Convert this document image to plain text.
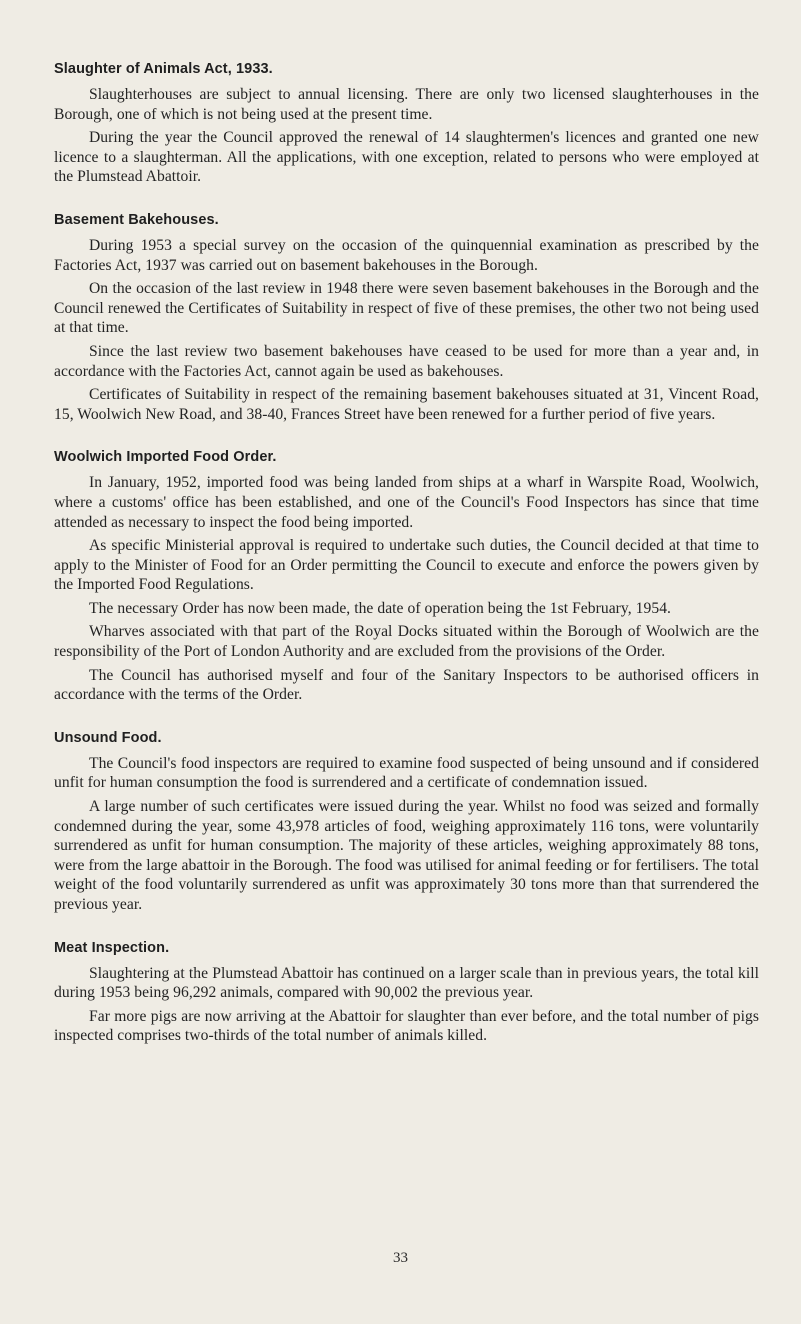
Slaughter of Animals Act, 1933.

Slaughterhouses are subject to annual licensing. There are only two licensed slaughterhouses in the Borough, one of which is not being used at the present time.

During the year the Council approved the renewal of 14 slaughtermen's licences and granted one new licence to a slaughterman. All the applications, with one exception, related to persons who were employed at the Plumstead Abattoir.

Basement Bakehouses.

During 1953 a special survey on the occasion of the quinquennial examination as prescribed by the Factories Act, 1937 was carried out on basement bakehouses in the Borough.

On the occasion of the last review in 1948 there were seven basement bakehouses in the Borough and the Council renewed the Certificates of Suitability in respect of five of these premises, the other two not being used at that time.

Since the last review two basement bakehouses have ceased to be used for more than a year and, in accordance with the Factories Act, cannot again be used as bakehouses.

Certificates of Suitability in respect of the remaining basement bakehouses situated at 31, Vincent Road, 15, Woolwich New Road, and 38-40, Frances Street have been renewed for a further period of five years.

Woolwich Imported Food Order.

In January, 1952, imported food was being landed from ships at a wharf in Warspite Road, Woolwich, where a customs' office has been established, and one of the Council's Food Inspectors has since that time attended as necessary to inspect the food being imported.

As specific Ministerial approval is required to undertake such duties, the Council decided at that time to apply to the Minister of Food for an Order permitting the Council to execute and enforce the powers given by the Imported Food Regulations.

The necessary Order has now been made, the date of operation being the 1st February, 1954.

Wharves associated with that part of the Royal Docks situated within the Borough of Woolwich are the responsibility of the Port of London Authority and are excluded from the provisions of the Order.

The Council has authorised myself and four of the Sanitary Inspectors to be authorised officers in accordance with the terms of the Order.

Unsound Food.

The Council's food inspectors are required to examine food suspected of being unsound and if considered unfit for human consumption the food is surrendered and a certificate of condemnation issued.

A large number of such certificates were issued during the year. Whilst no food was seized and formally condemned during the year, some 43,978 articles of food, weighing approximately 116 tons, were voluntarily surrendered as unfit for human consumption. The majority of these articles, weighing approximately 88 tons, were from the large abattoir in the Borough. The food was utilised for animal feeding or for fertilisers. The total weight of the food voluntarily surrendered as unfit was approximately 30 tons more than that surrendered the previous year.

Meat Inspection.

Slaughtering at the Plumstead Abattoir has continued on a larger scale than in previous years, the total kill during 1953 being 96,292 animals, compared with 90,002 the previous year.

Far more pigs are now arriving at the Abattoir for slaughter than ever before, and the total number of pigs inspected comprises two-thirds of the total number of animals killed.

33
